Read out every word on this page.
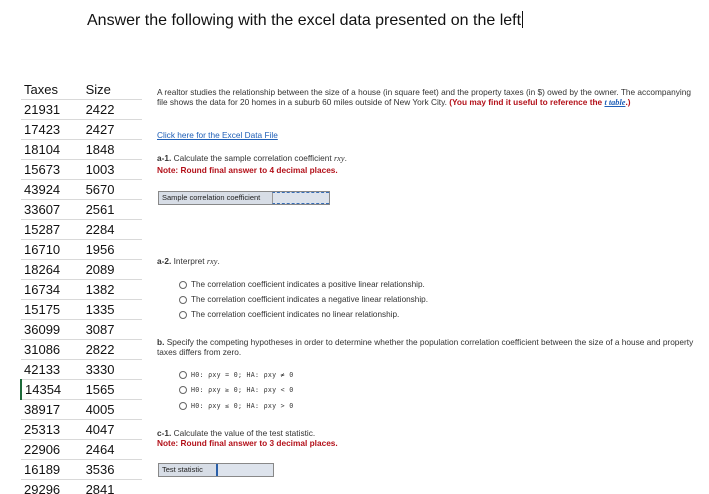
Answer the following with the excel data presented on the left
Taxes	Size
21931	2422
17423	2427
18104	1848
15673	1003
43924	5670
33607	2561
15287	2284
16710	1956
18264	2089
16734	1382
15175	1335
36099	3087
31086	2822
42133	3330
14354	1565
38917	4005
25313	4047
22906	2464
16189	3536
29296	2841
A realtor studies the relationship between the size of a house (in square feet) and the property taxes (in $) owed by the owner. The accompanying file shows the data for 20 homes in a suburb 60 miles outside of New York City. (You may find it useful to reference the t table.)
Click here for the Excel Data File
a-1. Calculate the sample correlation coefficient rxy.
Note: Round final answer to 4 decimal places.
Sample correlation coefficient
a-2. Interpret rxy.
The correlation coefficient indicates a positive linear relationship.
The correlation coefficient indicates a negative linear relationship.
The correlation coefficient indicates no linear relationship.
b. Specify the competing hypotheses in order to determine whether the population correlation coefficient between the size of a house and property taxes differs from zero.
H0: ρxy = 0; HA: ρxy ≠ 0
H0: ρxy ≥ 0; HA: ρxy < 0
H0: ρxy ≤ 0; HA: ρxy > 0
c-1. Calculate the value of the test statistic.
Note: Round final answer to 3 decimal places.
Test statistic
